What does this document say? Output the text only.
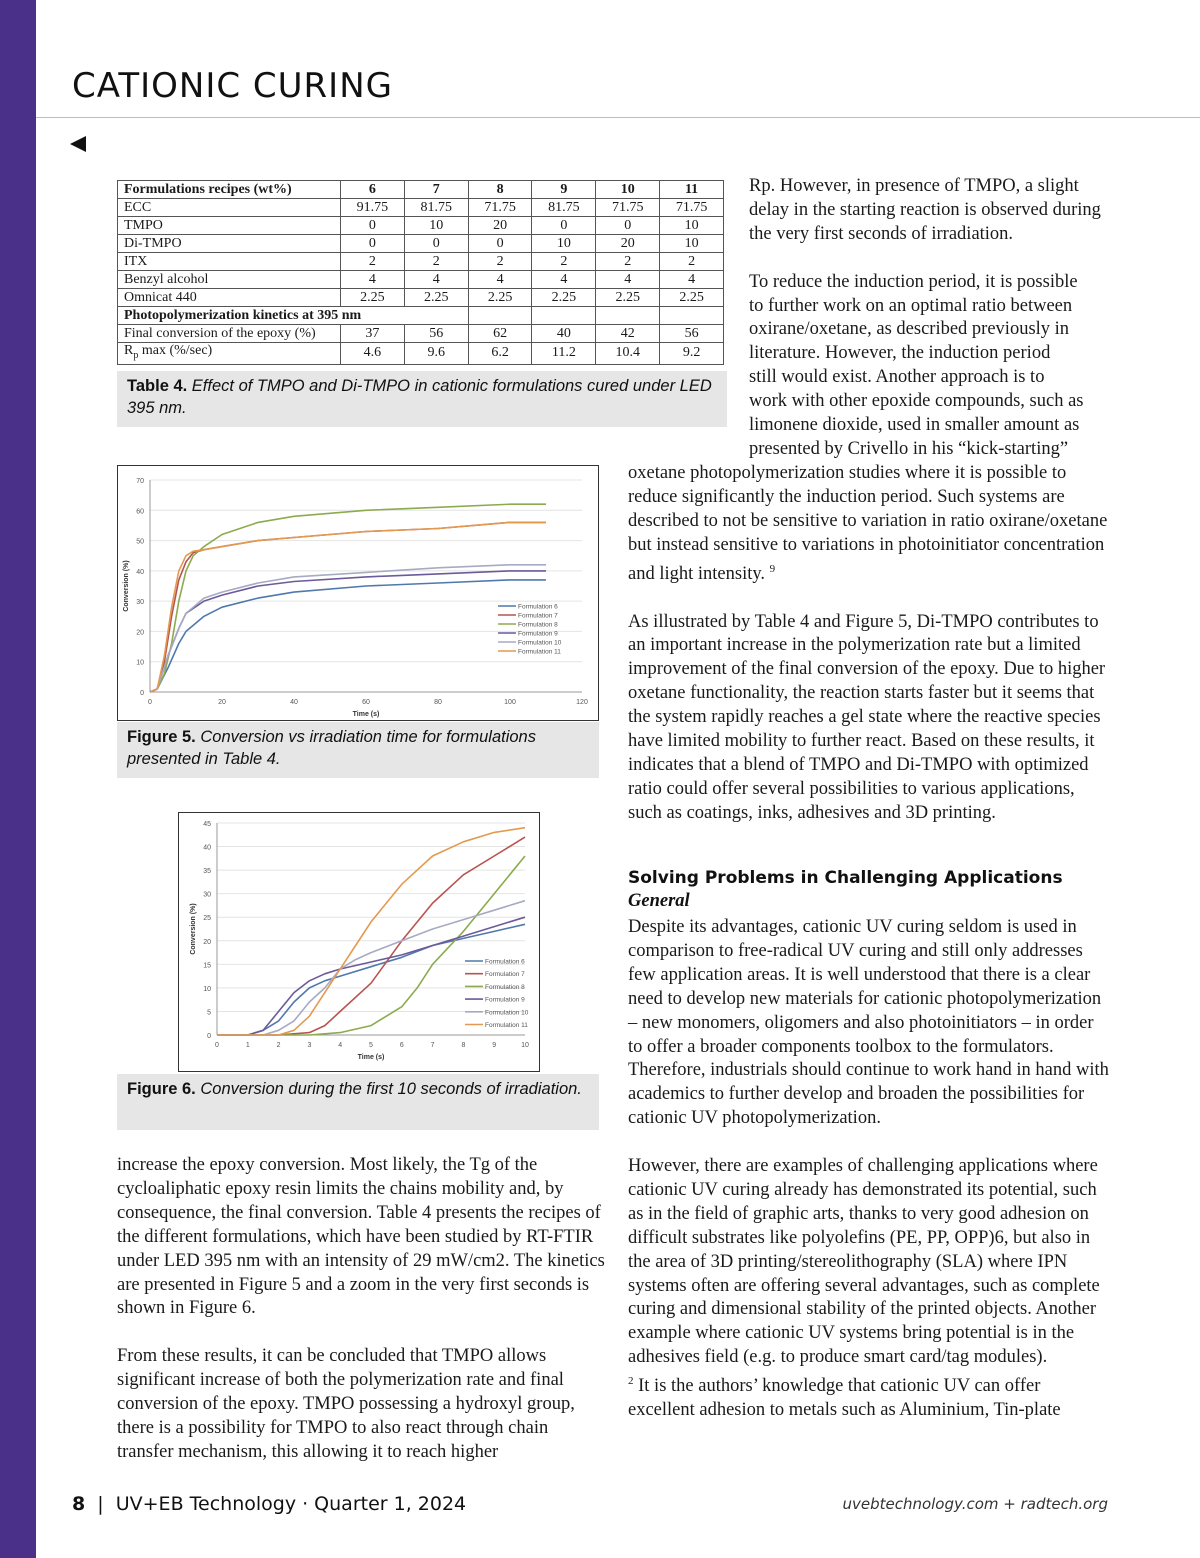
CATIONIC CURING
Formulations recipes (wt%)	6	7	8	9	10	11
ECC	91.75	81.75	71.75	81.75	71.75	71.75
TMPO	0	10	20	0	0	10
Di-TMPO	0	0	0	10	20	10
ITX	2	2	2	2	2	2
Benzyl alcohol	4	4	4	4	4	4
Omnicat 440	2.25	2.25	2.25	2.25	2.25	2.25
Photopolymerization kinetics at 395 nm						
Final conversion of the epoxy (%)	37	56	62	40	42	56
$R_p$ max (%/sec)	4.6	9.6	6.2	11.2	10.4	9.2
Table 4. Effect of TMPO and Di-TMPO in cationic formulations cured under LED 395 nm.
0
10
20
30
40
50
60
70
0	20	40	60	80	100	120
Time (s)
Conversion (%)	Formulation 6
Formulation 7
Formulation 8
Formulation 9
Formulation 10
Formulation 11
Figure 5. Conversion vs irradiation time for formulations presented in Table 4.
0
5
10
15
20
25
30
35
40
45
0	1	2	3	4	5	6	7	8	9	10
Time (s)
Conversion (%)
Formulation 6
Formulation 7
Formulation 8
Formulation 9
Formulation 10
Formulation 11
Figure 6. Conversion during the first 10 seconds of irradiation.

increase the epoxy conversion. Most likely, the Tg of the cycloaliphatic epoxy resin limits the chains mobility and, by consequence, the final conversion. Table 4 presents the recipes of the different formulations, which have been studied by RT-FTIR under LED 395 nm with an intensity of 29 mW/cm2. The kinetics are presented in Figure 5 and a zoom in the very first seconds is shown in Figure 6.

From these results, it can be concluded that TMPO allows significant increase of both the polymerization rate and final conversion of the epoxy. TMPO possessing a hydroxyl group, there is a possibility for TMPO to also react through chain transfer mechanism, this allowing it to reach higher

Rp. However, in presence of TMPO, a slight delay in the starting reaction is observed during the very first seconds of irradiation.

To reduce the induction period, it is possible
to further work on an optimal ratio between
oxirane/oxetane, as described previously in
literature. However, the induction period
still would exist. Another approach is to
work with other epoxide compounds, such as
limonene dioxide, used in smaller amount as
presented by Crivello in his “kick-starting”

oxetane photopolymerization studies where it is possible to reduce significantly the induction period. Such systems are described to not be sensitive to variation in ratio oxirane/oxetane but instead sensitive to variations in photoinitiator concentration and light intensity. $^9$

As illustrated by Table 4 and Figure 5, Di-TMPO contributes to an important increase in the polymerization rate but a limited improvement of the final conversion of the epoxy. Due to higher oxetane functionality, the reaction starts faster but it seems that the system rapidly reaches a gel state where the reactive species have limited mobility to further react. Based on these results, it indicates that a blend of TMPO and Di-TMPO with optimized ratio could offer several possibilities to various applications, such as coatings, inks, adhesives and 3D printing.

Solving Problems in Challenging Applications
General

Despite its advantages, cationic UV curing seldom is used in comparison to free-radical UV curing and still only addresses few application areas. It is well understood that there is a clear need to develop new materials for cationic photopolymerization – new monomers, oligomers and also photoinitiators – in order to offer a broader components toolbox to the formulators. Therefore, industrials should continue to work hand in hand with academics to further develop and broaden the possibilities for cationic UV photopolymerization.

However, there are examples of challenging applications where cationic UV curing already has demonstrated its potential, such as in the field of graphic arts, thanks to very good adhesion on difficult substrates like polyolefins (PE, PP, OPP)6, but also in the area of 3D printing/stereolithography (SLA) where IPN systems often are offering several advantages, such as complete curing and dimensional stability of the printed objects. Another example where cationic UV systems bring potential is in the adhesives field (e.g. to produce smart card/tag modules).
$^2$ It is the authors’ knowledge that cationic UV can offer excellent adhesion to metals such as Aluminium, Tin-plate

8 | UV+EB Technology · Quarter 1, 2024	uvebtechnology.com + radtech.org
